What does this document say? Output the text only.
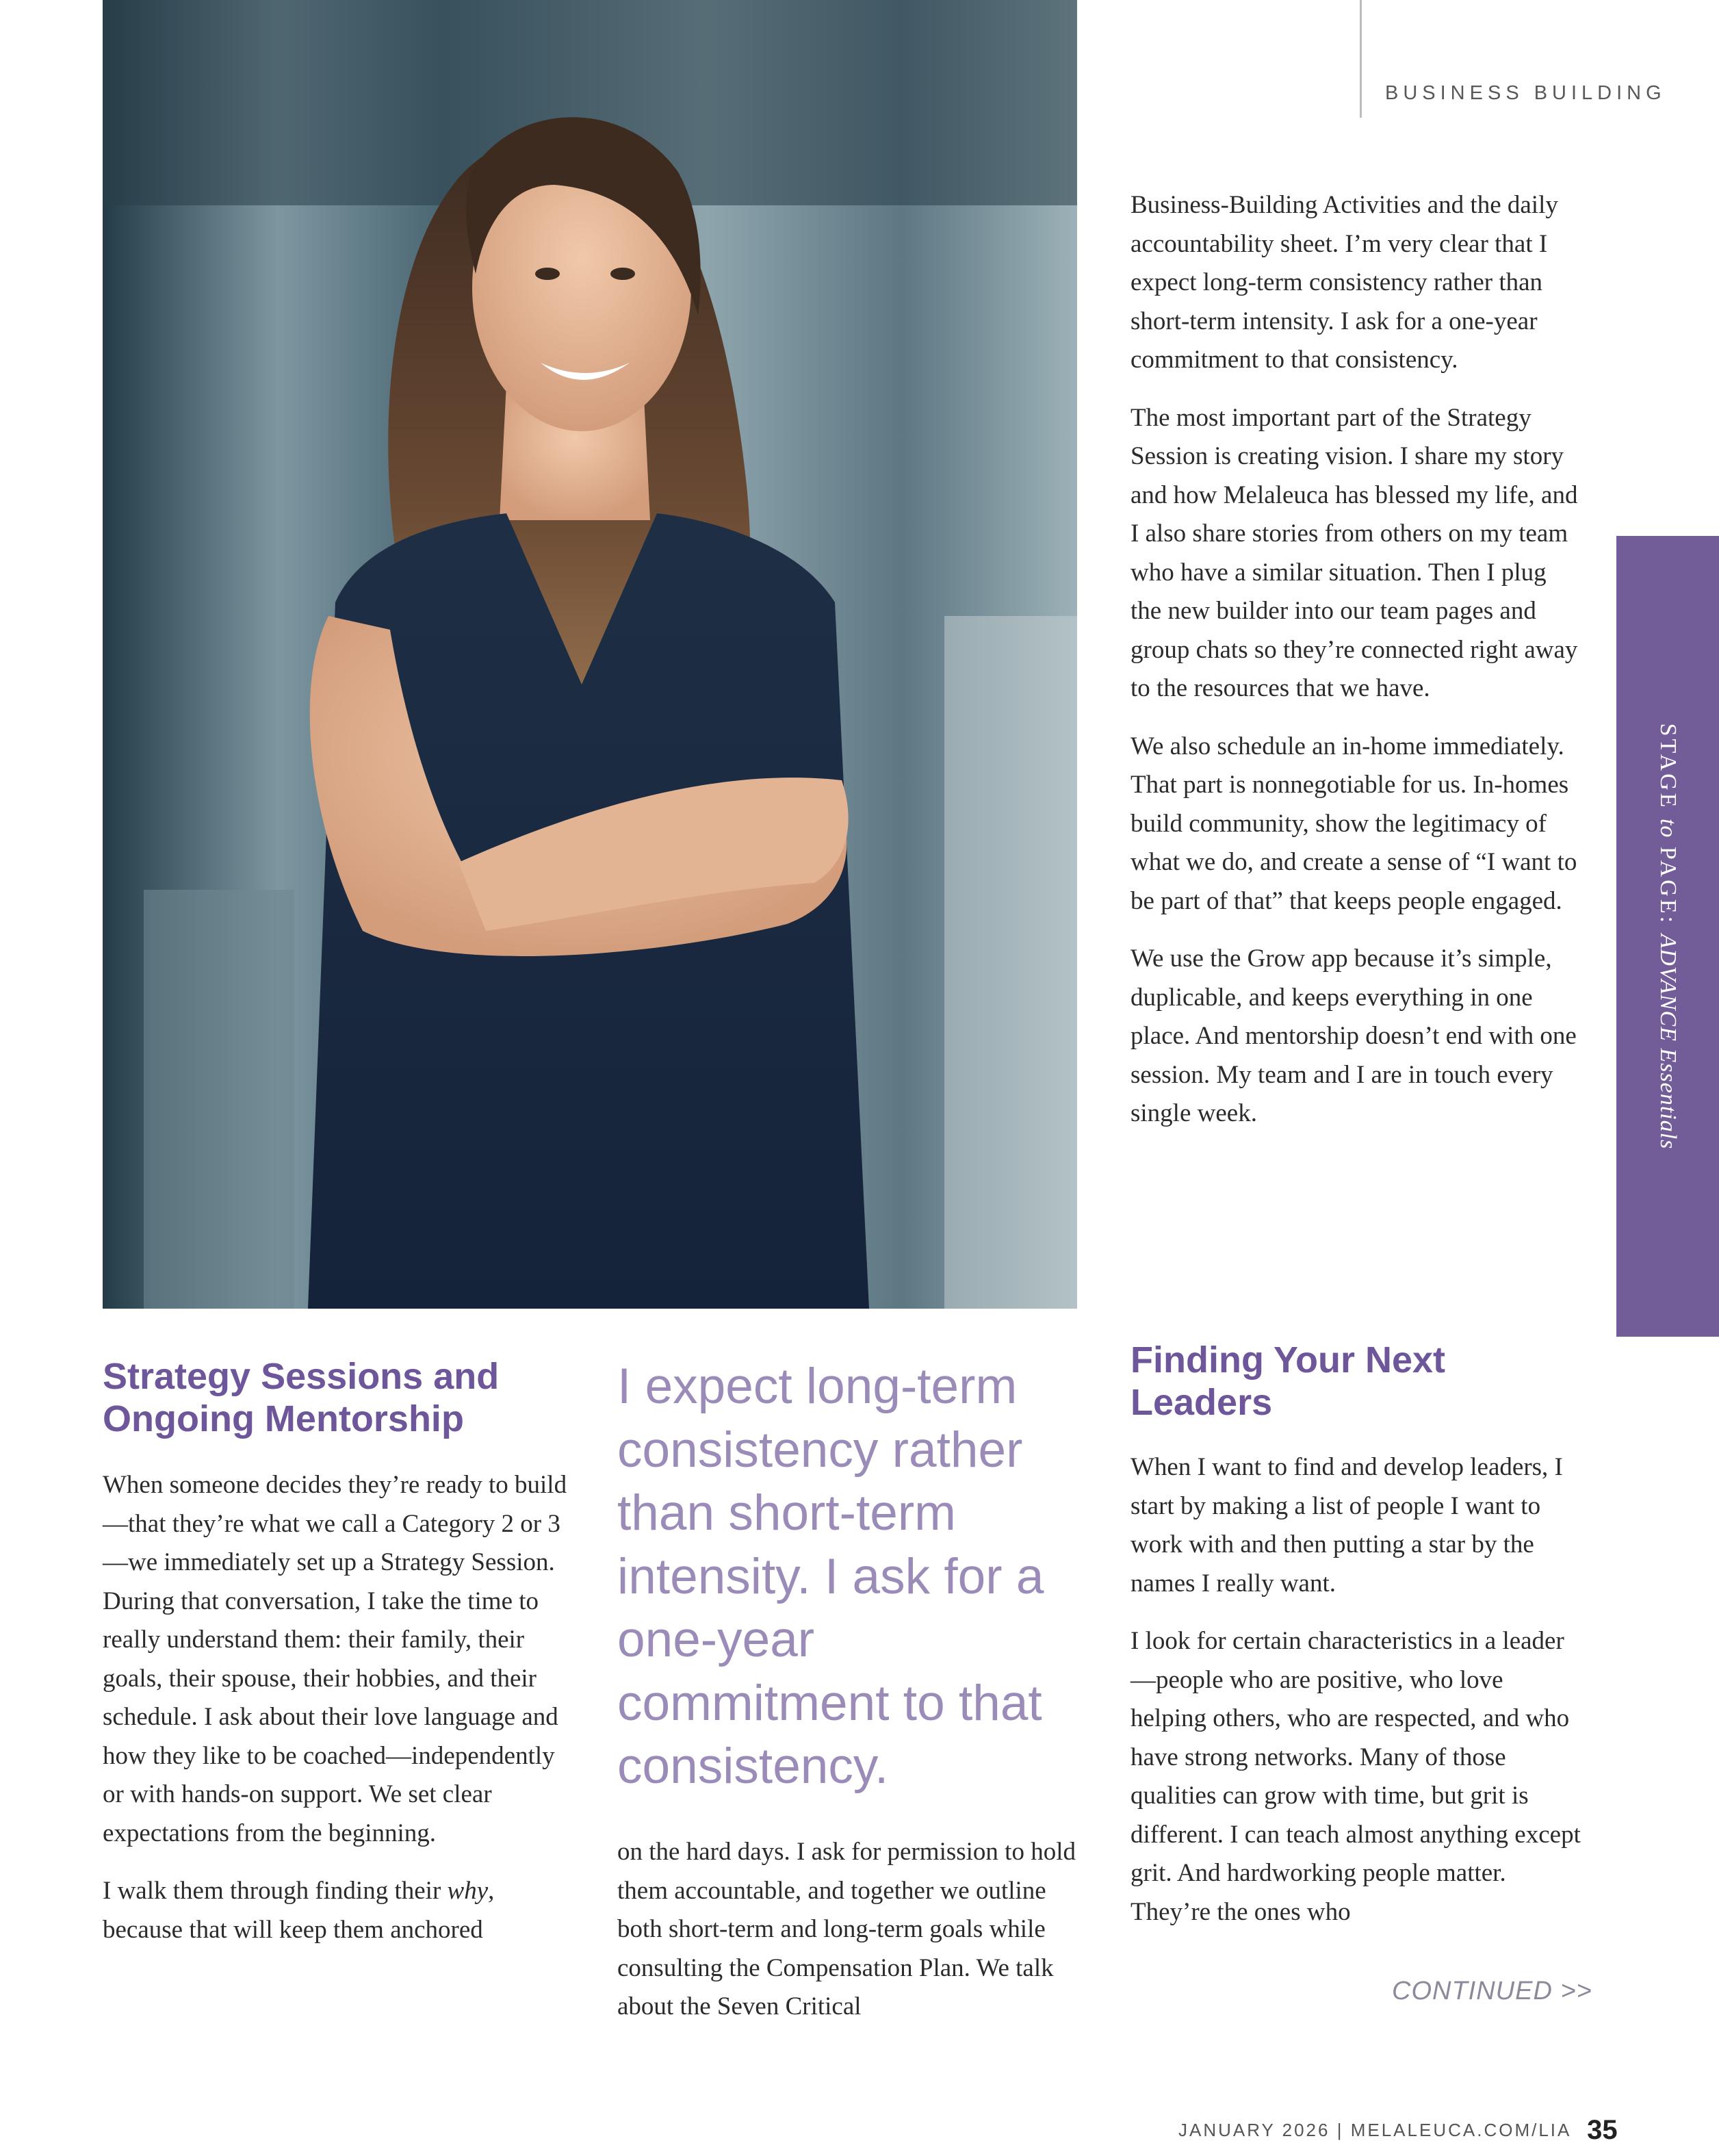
BUSINESS BUILDING
STAGE to PAGE: ADVANCE Essentials

Business-Building Activities and the daily accountability sheet. I’m very clear that I expect long-term consistency rather than short-term intensity. I ask for a one-year commitment to that consistency.

The most important part of the Strategy Session is creating vision. I share my story and how Melaleuca has blessed my life, and I also share stories from others on my team who have a similar situation. Then I plug the new builder into our team pages and group chats so they’re connected right away to the resources that we have.

We also schedule an in-home immediately. That part is nonnegotiable for us. In-homes build community, show the legitimacy of what we do, and create a sense of “I want to be part of that” that keeps people engaged.

We use the Grow app because it’s simple, duplicable, and keeps everything in one place. And mentorship doesn’t end with one session. My team and I are in touch every single week.

Strategy Sessions and Ongoing Mentorship

When someone decides they’re ready to build—that they’re what we call a Category 2 or 3—we immediately set up a Strategy Session. During that conversation, I take the time to really understand them: their family, their goals, their spouse, their hobbies, and their schedule. I ask about their love language and how they like to be coached—independently or with hands-on support. We set clear expectations from the beginning.

I walk them through finding their why, because that will keep them anchored

I expect long-term consistency rather than short-term intensity. I ask for a one-year commitment to that consistency.

on the hard days. I ask for permission to hold them accountable, and together we outline both short-term and long-term goals while consulting the Compensation Plan. We talk about the Seven Critical

Finding Your Next Leaders

When I want to find and develop leaders, I start by making a list of people I want to work with and then putting a star by the names I really want.

I look for certain characteristics in a leader—people who are positive, who love helping others, who are respected, and who have strong networks. Many of those qualities can grow with time, but grit is different. I can teach almost anything except grit. And hardworking people matter. They’re the ones who

CONTINUED >>
JANUARY 2026 | MELALEUCA.COM/LIA 35
